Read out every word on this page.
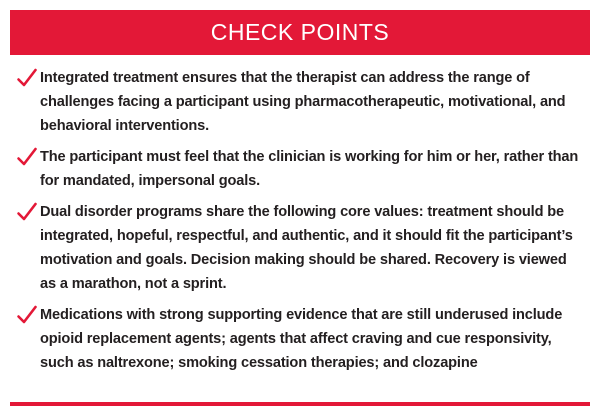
CHECK POINTS
Integrated treatment ensures that the therapist can address the range of challenges facing a participant using pharmacotherapeutic, motivational, and behavioral interventions.
The participant must feel that the clinician is working for him or her, rather than for mandated, impersonal goals.
Dual disorder programs share the following core values: treatment should be integrated, hopeful, respectful, and authentic, and it should fit the participant’s motivation and goals. Decision making should be shared. Recovery is viewed as a marathon, not a sprint.
Medications with strong supporting evidence that are still underused include opioid replacement agents; agents that affect craving and cue responsivity, such as naltrexone; smoking cessation therapies; and clozapine
